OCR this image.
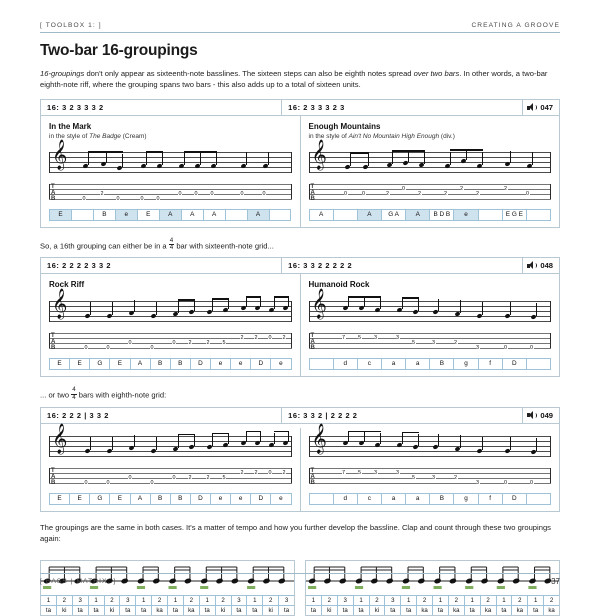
[ TOOLBOX 1: ]	CREATING A GROOVE
Two-bar 16-groupings

16-groupings don't only appear as sixteenth-note basslines. The sixteen steps can also be eighth notes spread over two bars. In other words, a two-bar eighth-note riff, where the grouping spans two bars - this also adds up to a total of sixteen units.

16: 3 2 3 3 3 2	16: 2 3 3 3 2 3	047
In the Mark
in the style of The Badge (Cream)
Enough Mountains
in the style of Ain't No Mountain High Enough (div.)
𝄞
T
A
B	0
2
0	0 0
0 0 0	0	0
E	B	e	E	A	A	A	A
𝄞
T
A
B
0	0	2
0
2	2
2
2
2
0
A	A	G A	A	B D B	e	E G E

So, a 16th grouping can either be in a $\frac{4}{4}$ bar with sixteenth-note grid...

16: 2 2 2 2 3 3 2	16: 3 3 2 2 2 2 2	048
Rock Riff	Humanoid Rock
𝄞
T
A
B	0	0
0
0
0 2	2 5
2 2 0 2
E	E	G	E	A	B	B	D	e	e	D	e
𝄞
T
A
B
7 5 3	3
5	3	2
3	0	0
d	c	a	a	B	g	f	D

... or two $\frac{4}{4}$ bars with eighth-note grid:

16: 2 2 2 | 3 3 2	16: 3 3 2 | 2 2 2 2	049
𝄞
T
A
B	0	0
0
0
0 2	2 5
2 2 0 2
E	E	G	E	A	B	B	D	e	e	D	e
𝄞
T
A
B
7 5 3	3
5	3	2
3	0	0
d	c	a	a	B	g	f	D

The groupings are the same in both cases. It's a matter of tempo and how you further develop the bassline. Clap and count through these two groupings again:

1	2	3	1	2	3	1	2	1	2	1	2	3	1	2	3
ta	ki	ta	ta	ki	ta	ta	ka	ta	ka	ta	ki	ta	ta	ki	ta
1	2	3	1	2	3	1	2	1	2	1	2	1	2	1	2
ta	ki	ta	ta	ki	ta	ta	ka	ta	ka	ta	ka	ta	ka	ta	ka
[ BASS | MATRIX: ]	37
